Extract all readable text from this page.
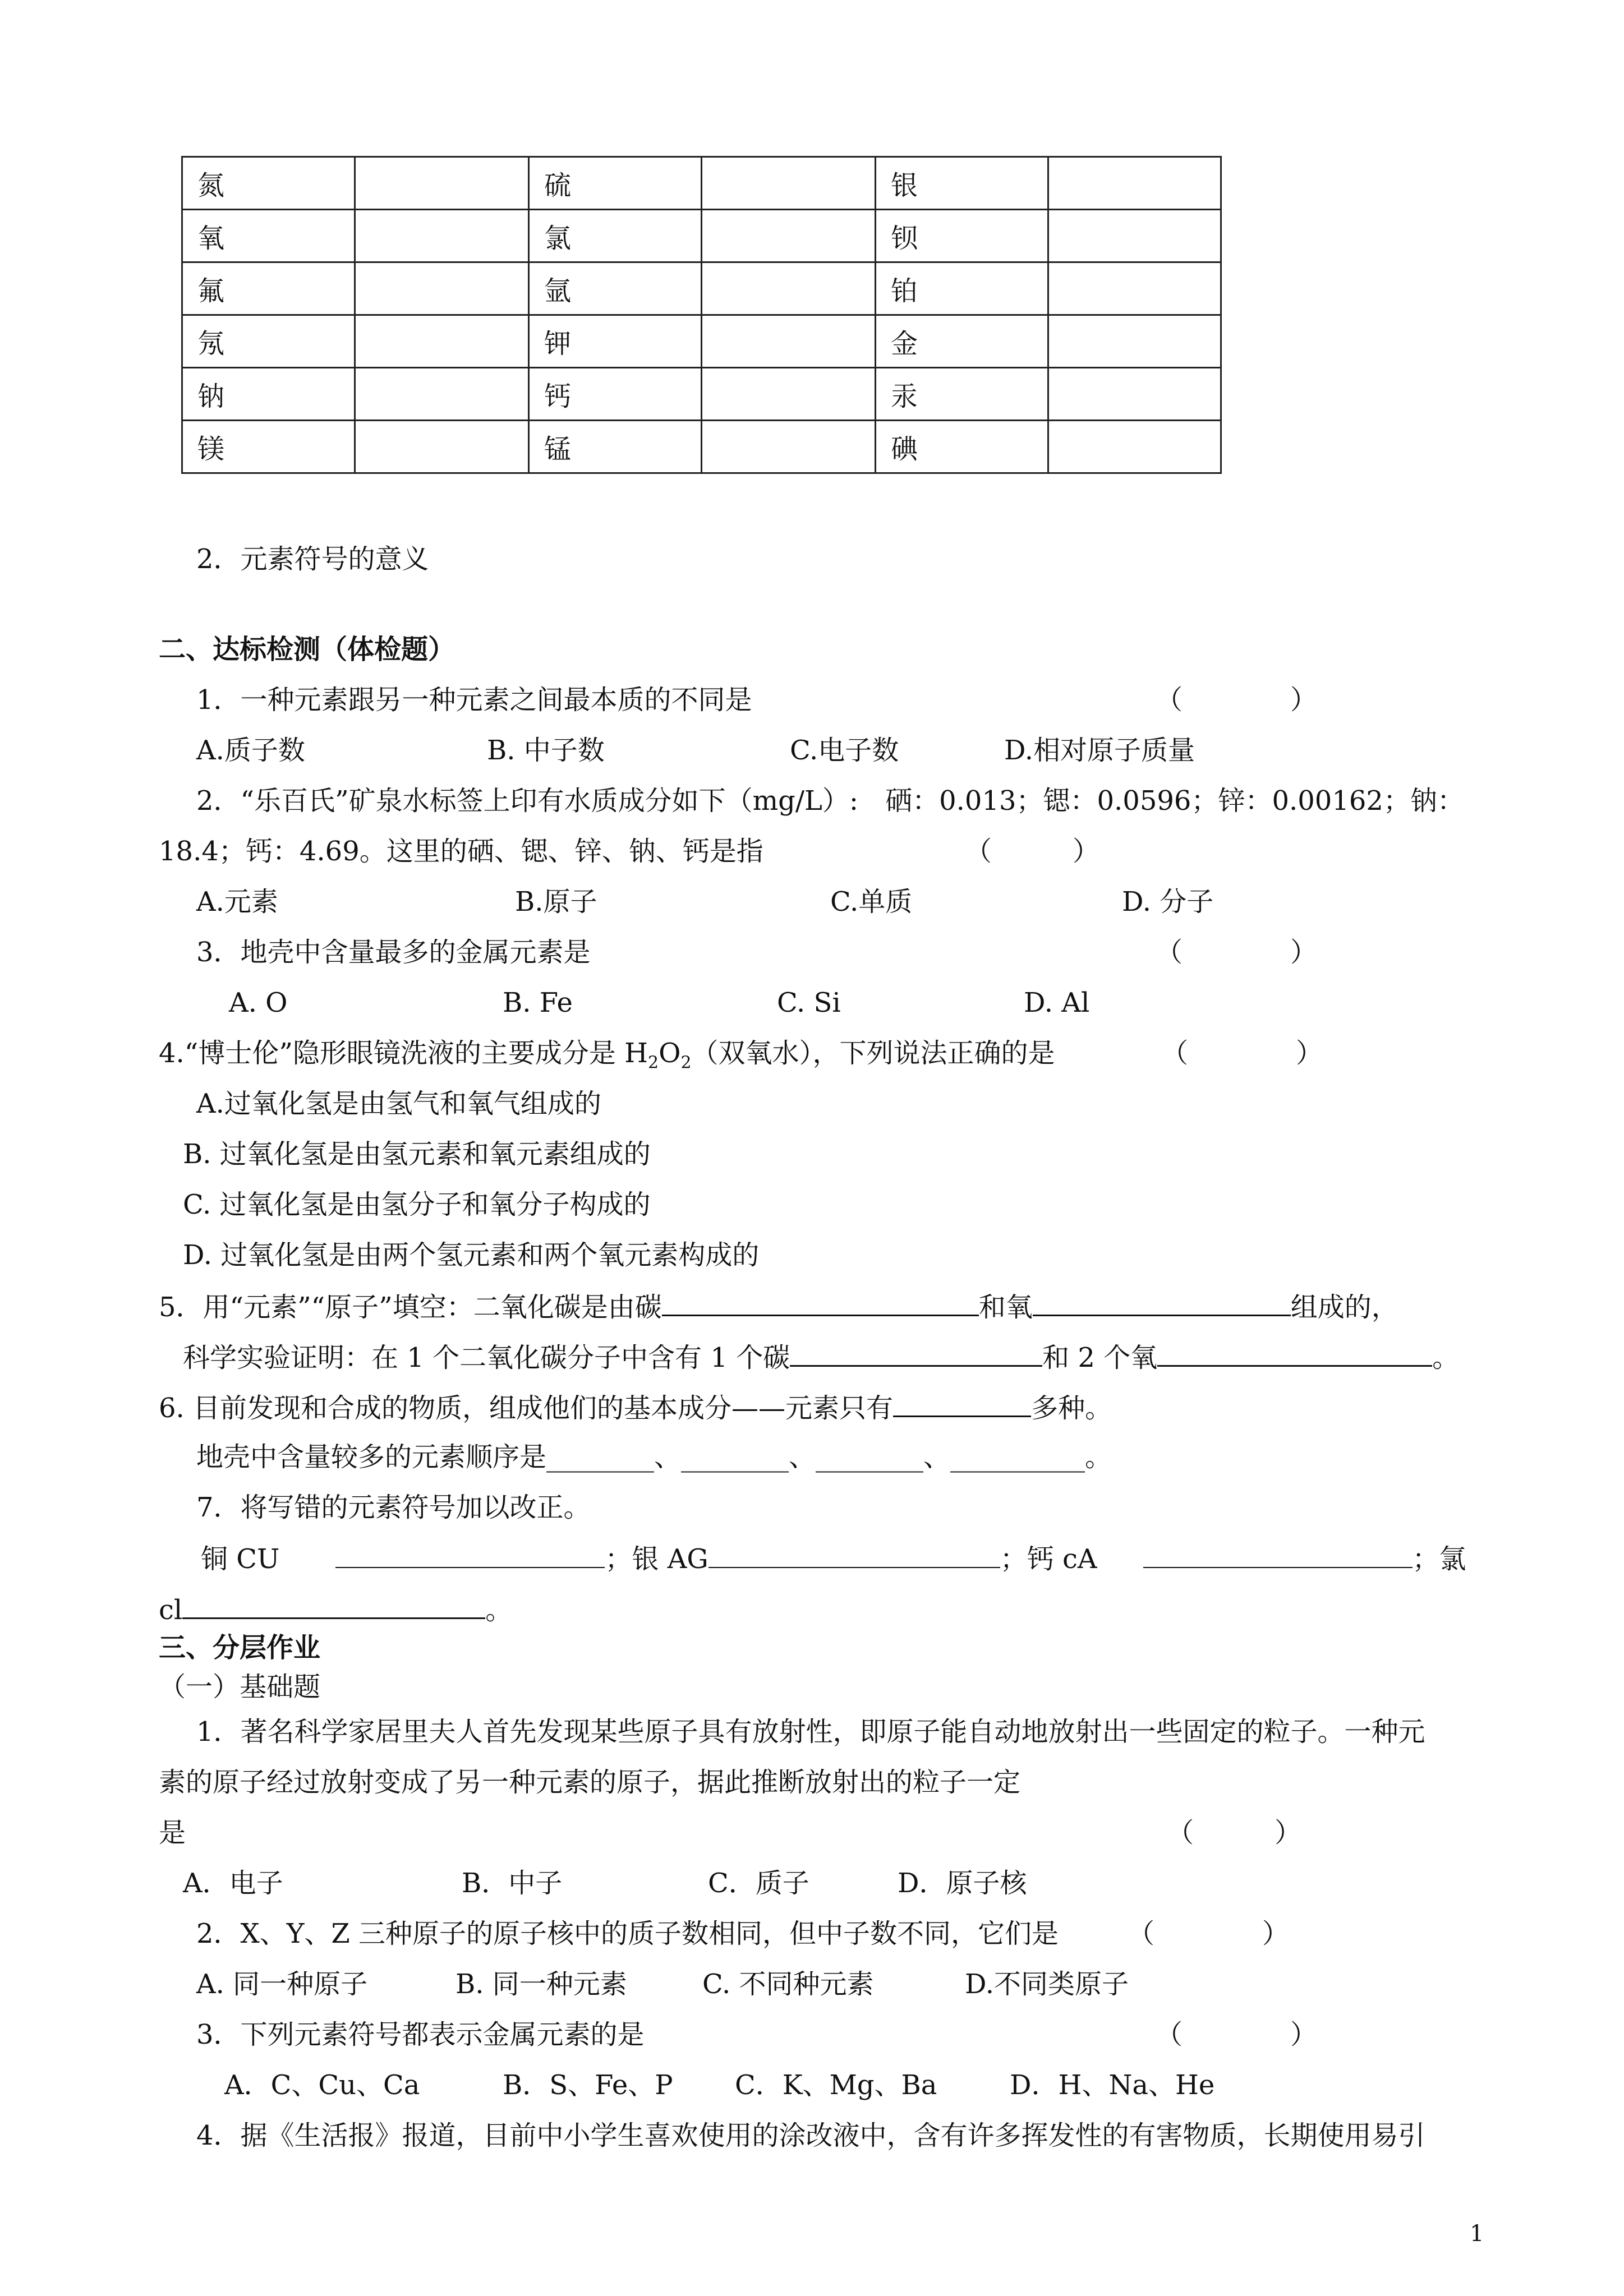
氮		硫		银	
氧		氯		钡	
氟		氩		铂	
氖		钾		金	
钠		钙		汞	
镁		锰		碘	
2．元素符号的意义
二、达标检测（体检题）
1．一种元素跟另一种元素之间最本质的不同是	（　　　　）
A.质子数	B. 中子数	C.电子数	D.相对原子质量
2．“乐百氏”矿泉水标签上印有水质成分如下（mg/L）:　硒：0.013；锶：0.0596；锌：0.00162；钠：
18.4；钙：4.69。这里的硒、锶、锌、钠、钙是指	（　　　）
A.元素	B.原子	C.单质	D. 分子
3．地壳中含量最多的金属元素是	（　　　　）
A. O	B. Fe	C. Si	D. Al
4.“博士伦”隐形眼镜洗液的主要成分是 $H_2O_2$（双氧水），下列说法正确的是	（　　　　）
A.过氧化氢是由氢气和氧气组成的
B. 过氧化氢是由氢元素和氧元素组成的
C. 过氧化氢是由氢分子和氧分子构成的
D. 过氧化氢是由两个氢元素和两个氧元素构成的
5．用“元素”“原子”填空：二氧化碳是由碳	和氧	组成的，
科学实验证明：在 1 个二氧化碳分子中含有 1 个碳	和 2 个氧	。
6. 目前发现和合成的物质，组成他们的基本成分——元素只有	多种。
地壳中含量较多的元素顺序是________、________、________、__________。
7．将写错的元素符号加以改正。
铜 CU	；银 AG	；钙 cA	；氯
cl	。
三、分层作业
（一）基础题
1．著名科学家居里夫人首先发现某些原子具有放射性，即原子能自动地放射出一些固定的粒子。一种元
素的原子经过放射变成了另一种元素的原子，据此推断放射出的粒子一定
是	（　　　）
A．电子	B．中子	C．质子	D．原子核
2．X、Y、Z 三种原子的原子核中的质子数相同，但中子数不同，它们是	（　　　　）
A. 同一种原子	B. 同一种元素	C. 不同种元素	D.不同类原子
3．下列元素符号都表示金属元素的是	（　　　　）
A．C、Cu、Ca	B．S、Fe、P C．K、Mg、Ba	D．H、Na、He
4．据《生活报》报道，目前中小学生喜欢使用的涂改液中，含有许多挥发性的有害物质，长期使用易引
1
